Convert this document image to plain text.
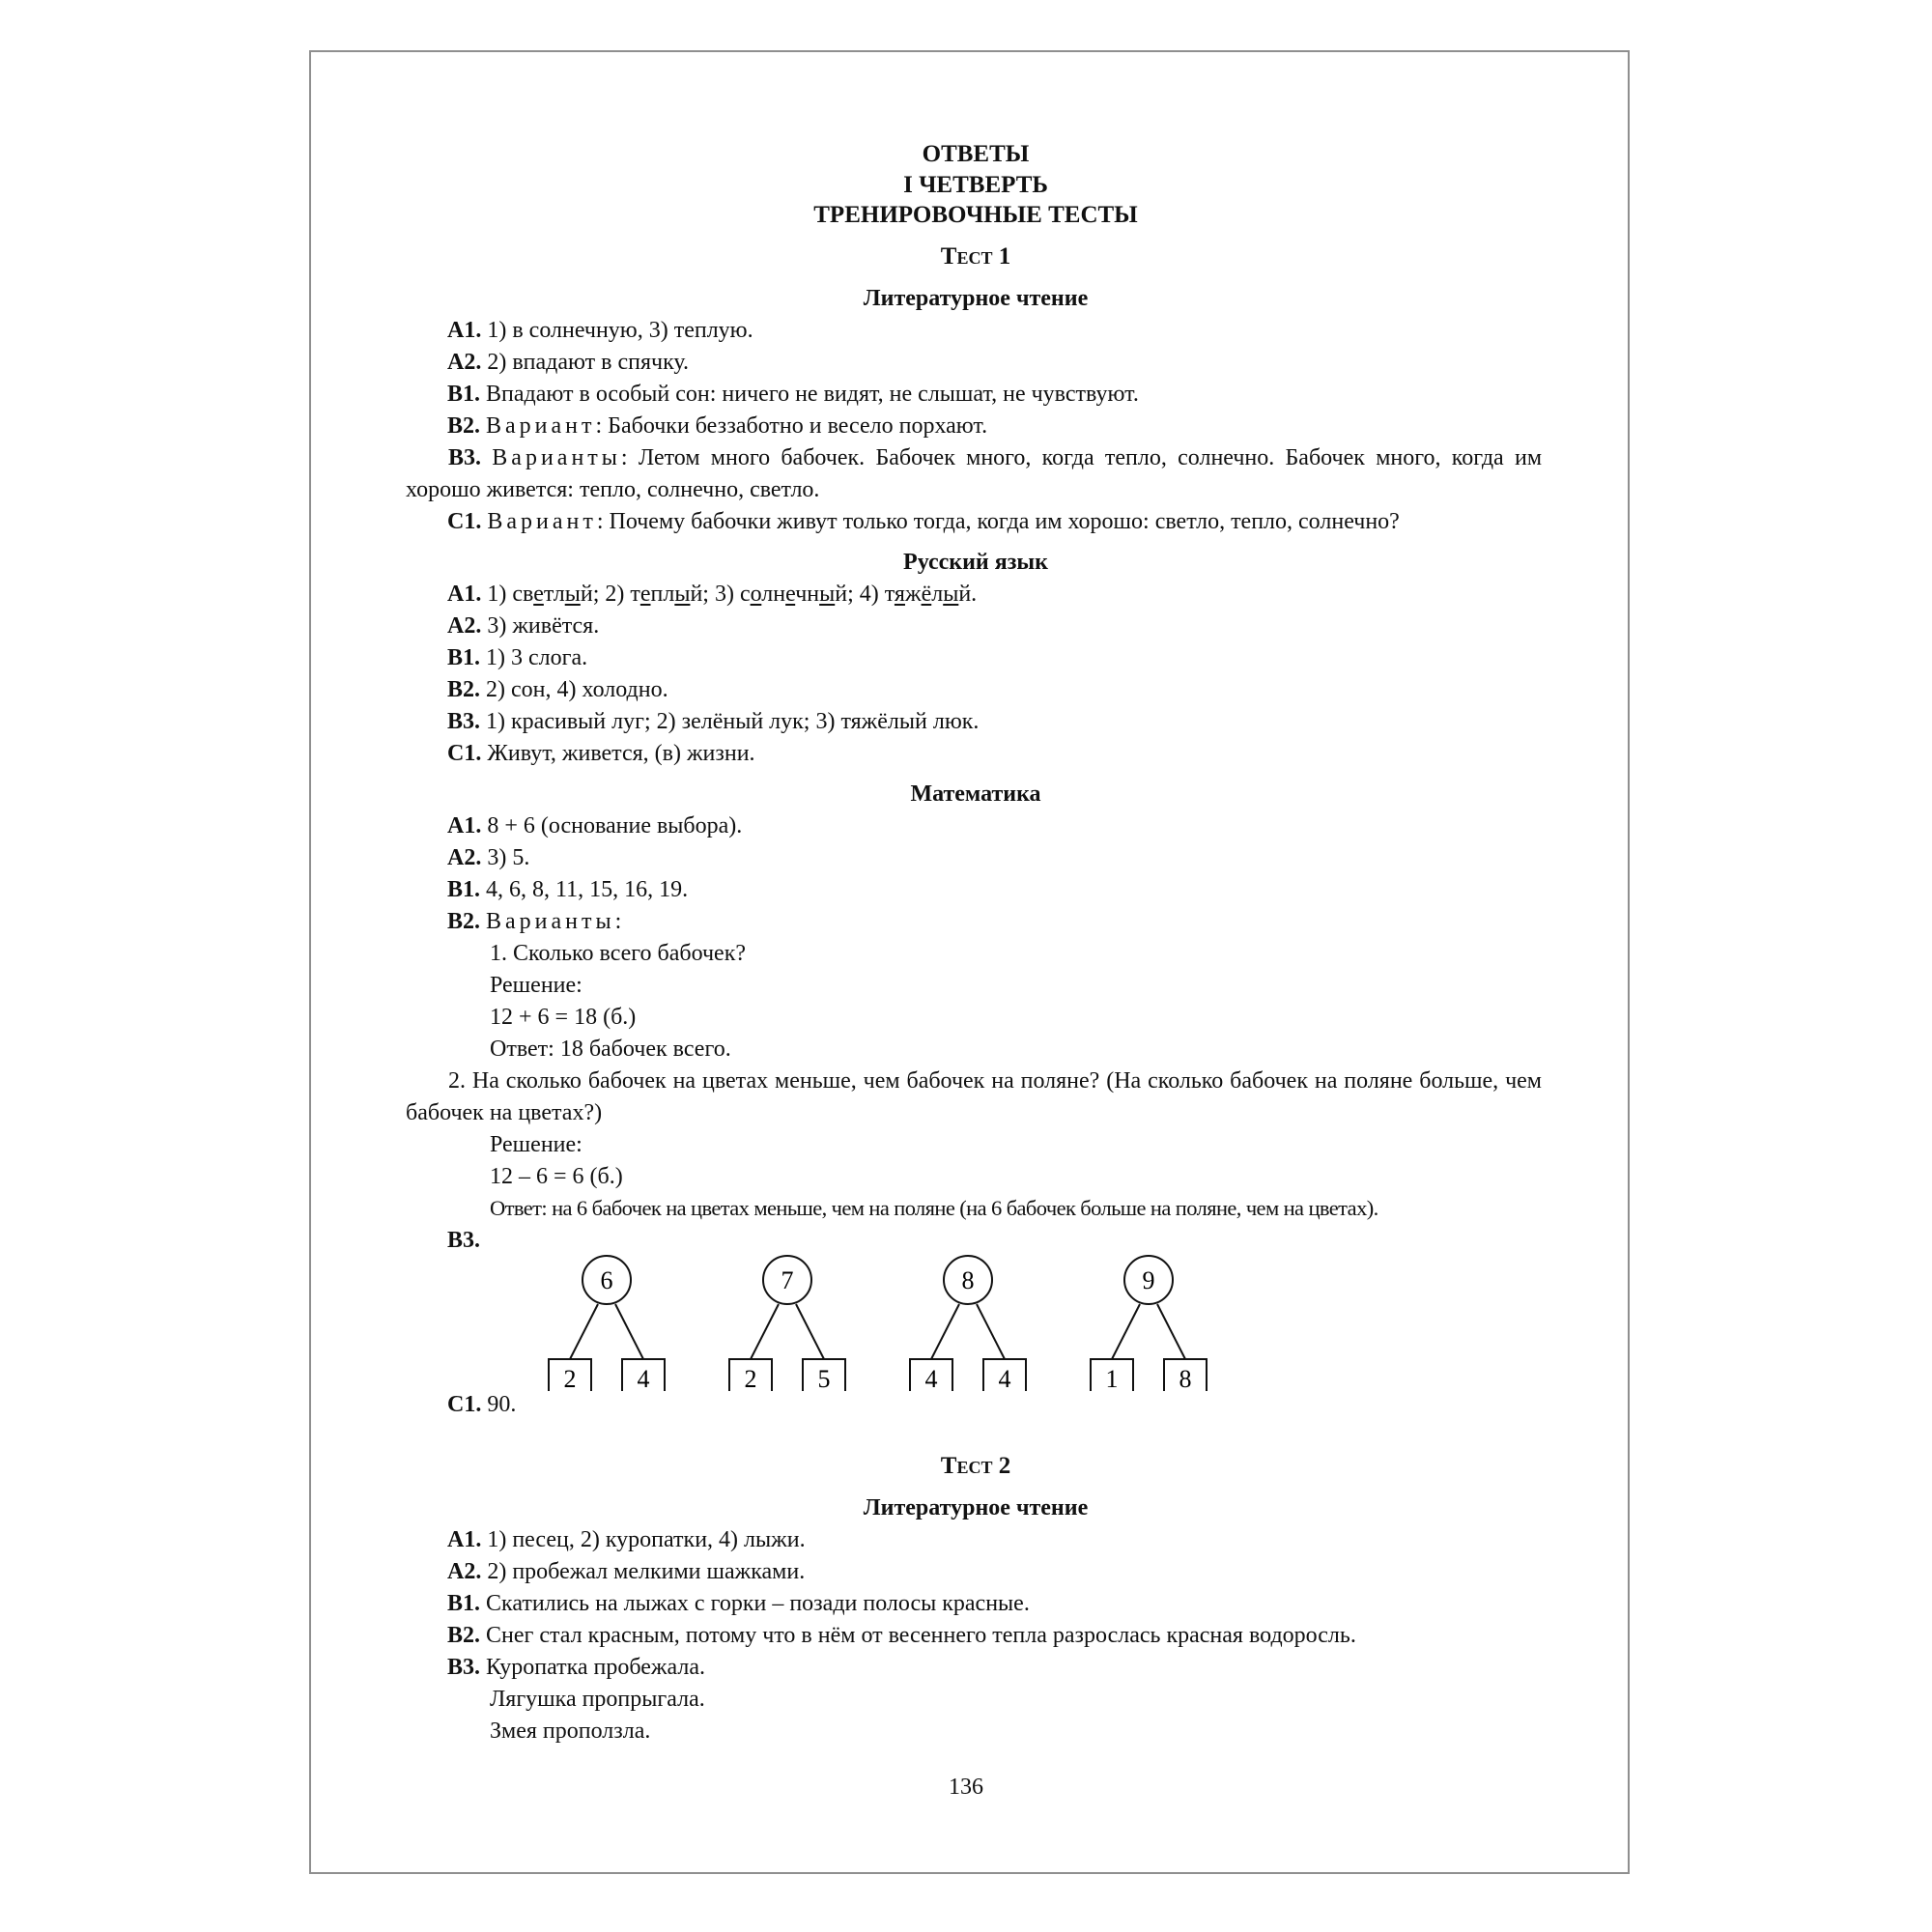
ОТВЕТЫ
I ЧЕТВЕРТЬ
ТРЕНИРОВОЧНЫЕ ТЕСТЫ
Тест 1
Литературное чтение
А1. 1) в солнечную, 3) теплую.
А2. 2) впадают в спячку.
В1. Впадают в особый сон: ничего не видят, не слышат, не чувствуют.
В2. Вариант: Бабочки беззаботно и весело порхают.
В3. Варианты: Летом много бабочек. Бабочек много, когда тепло, солнечно. Бабочек много, когда им хорошо живется: тепло, солнечно, светло.
С1. Вариант: Почему бабочки живут только тогда, когда им хорошо: светло, тепло, солнечно?
Русский язык
А1. 1) светлый; 2) теплый; 3) солнечный; 4) тяжёлый.
А2. 3) живётся.
В1. 1) 3 слога.
В2. 2) сон, 4) холодно.
В3. 1) красивый луг; 2) зелёный лук; 3) тяжёлый люк.
С1. Живут, живется, (в) жизни.
Математика
А1. 8 + 6 (основание выбора).
А2. 3) 5.
В1. 4, 6, 8, 11, 15, 16, 19.
В2. Варианты:
1. Сколько всего бабочек?
Решение:
12 + 6 = 18 (б.)
Ответ: 18 бабочек всего.
2. На сколько бабочек на цветах меньше, чем бабочек на поляне? (На сколько бабочек на поляне больше, чем бабочек на цветах?)
Решение:
12 – 6 = 6 (б.)
Ответ: на 6 бабочек на цветах меньше, чем на поляне (на 6 бабочек больше на поляне, чем на цветах).
В3.
6
2 4
7
2 5
8
4 4
9
1 8
С1. 90.
Тест 2
Литературное чтение
А1. 1) песец, 2) куропатки, 4) лыжи.
А2. 2) пробежал мелкими шажками.
В1. Скатились на лыжах с горки – позади полосы красные.
В2. Снег стал красным, потому что в нём от весеннего тепла разрослась красная водоросль.
В3. Куропатка пробежала.
Лягушка пропрыгала.
Змея проползла.
136
